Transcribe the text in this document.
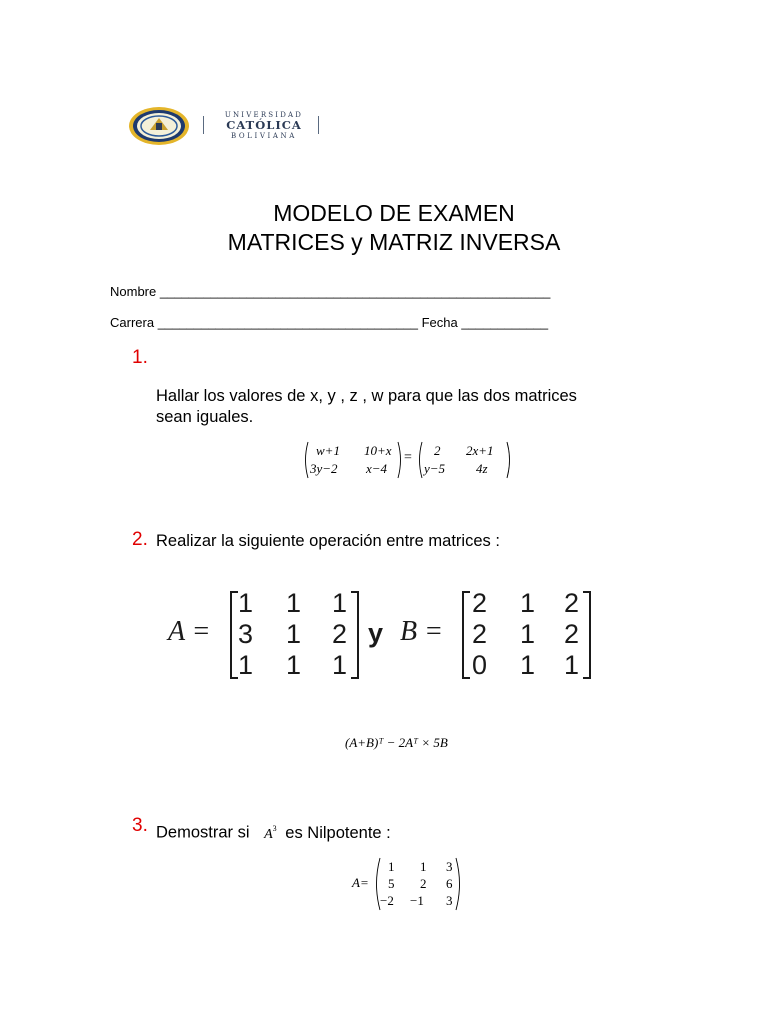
UNIVERSIDAD
CATÓLICA
BOLIVIANA
MODELO DE EXAMEN
MATRICES y MATRIZ INVERSA
Nombre ______________________________________________________
Carrera ____________________________________ Fecha ____________
1.
Hallar los valores de x, y , z , w para que las dos matrices
sean iguales.
w+1 10+x
3y−2 x−4
= 2 2x+1
y−5 4z
2. Realizar la siguiente operación entre matrices :
A =
1 1 1
3 1 2
1 1 1
y B =
2 1 2
2 1 2
0 1 1
(A+B)ᵀ − 2Aᵀ × 5B
3. Demostrar si $A^3$ es Nilpotente :
A=
1 1 3
5 2 6
−2 −1 3
